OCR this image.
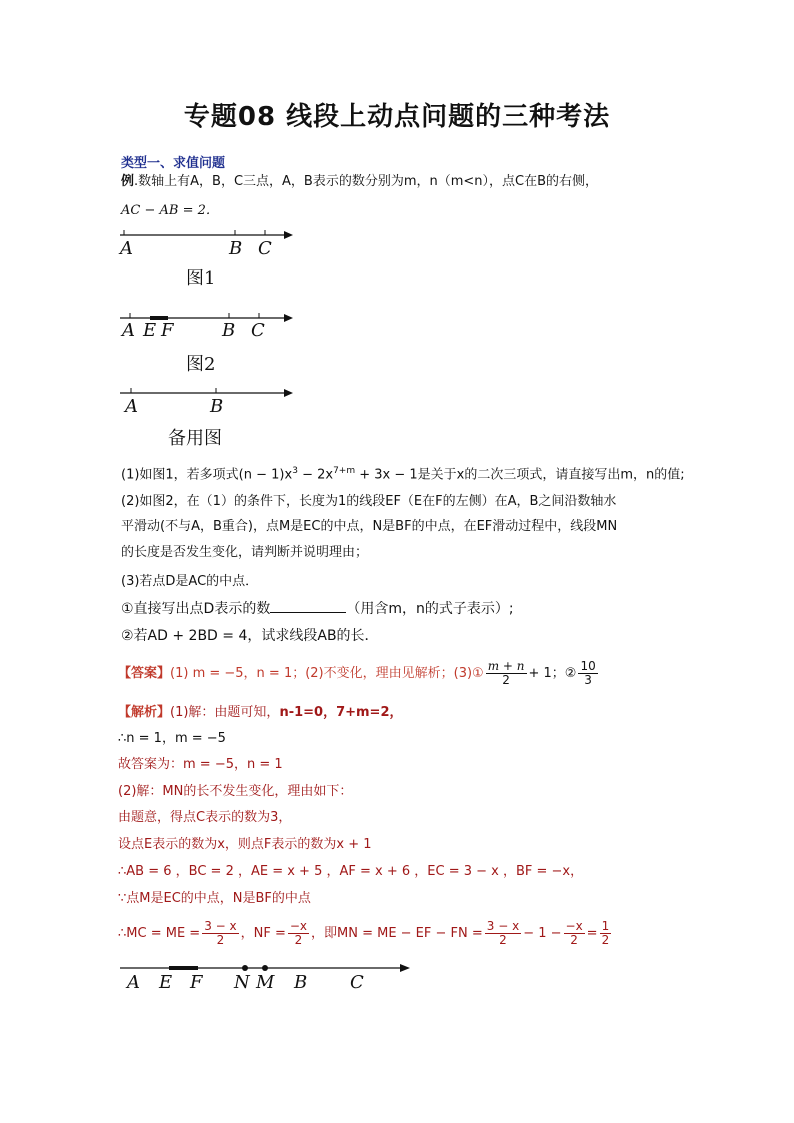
专题08 线段上动点问题的三种考法
类型一、求值问题
例.数轴上有A，B，C三点，A，B表示的数分别为m，n（m<n），点C在B的右侧，
AC − AB = 2．
A	B C
图1
A E F	B C
图2
A	B
备用图
(1)如图1，若多项式$(n - 1)x^3 - 2x^{7+m} + 3x - 1$是关于x的二次三项式，请直接写出m，n的值;
(2)如图2，在（1）的条件下，长度为1的线段EF（E在F的左侧）在A，B之间沿数轴水
平滑动(不与A，B重合)，点M是EC的中点，N是BF的中点，在EF滑动过程中，线段MN
的长度是否发生变化，请判断并说明理由；
(3)若点D是AC的中点．
①直接写出点D表示的数	（用含m，n的式子表示）;
②若AD + 2BD = 4，试求线段AB的长．
【答案】(1) m = −5，n = 1；(2)不变化，理由见解析；(3)① $\frac{m + n}{2} + 1$；② $\frac{10}{3}$
【解析】(1)解：由题可知，n-1=0，7+m=2，
∴n = 1，m = −5
故答案为：m = −5，n = 1
(2)解：MN的长不发生变化，理由如下：
由题意，得点C表示的数为3，
设点E表示的数为x，则点F表示的数为x + 1
∴AB = 6 ，BC = 2 ，AE = x + 5 ，AF = x + 6 ，EC = 3 − x ，BF = −x，
∵点M是EC的中点，N是BF的中点
∴MC = ME = $\frac{3 - x}{2}$ ，NF = $\frac{-x}{2}$ ，即MN = ME − EF − FN = $\frac{3 - x}{2} - 1 - \frac{-x}{2} = \frac{1}{2}$
A E F N M B C
